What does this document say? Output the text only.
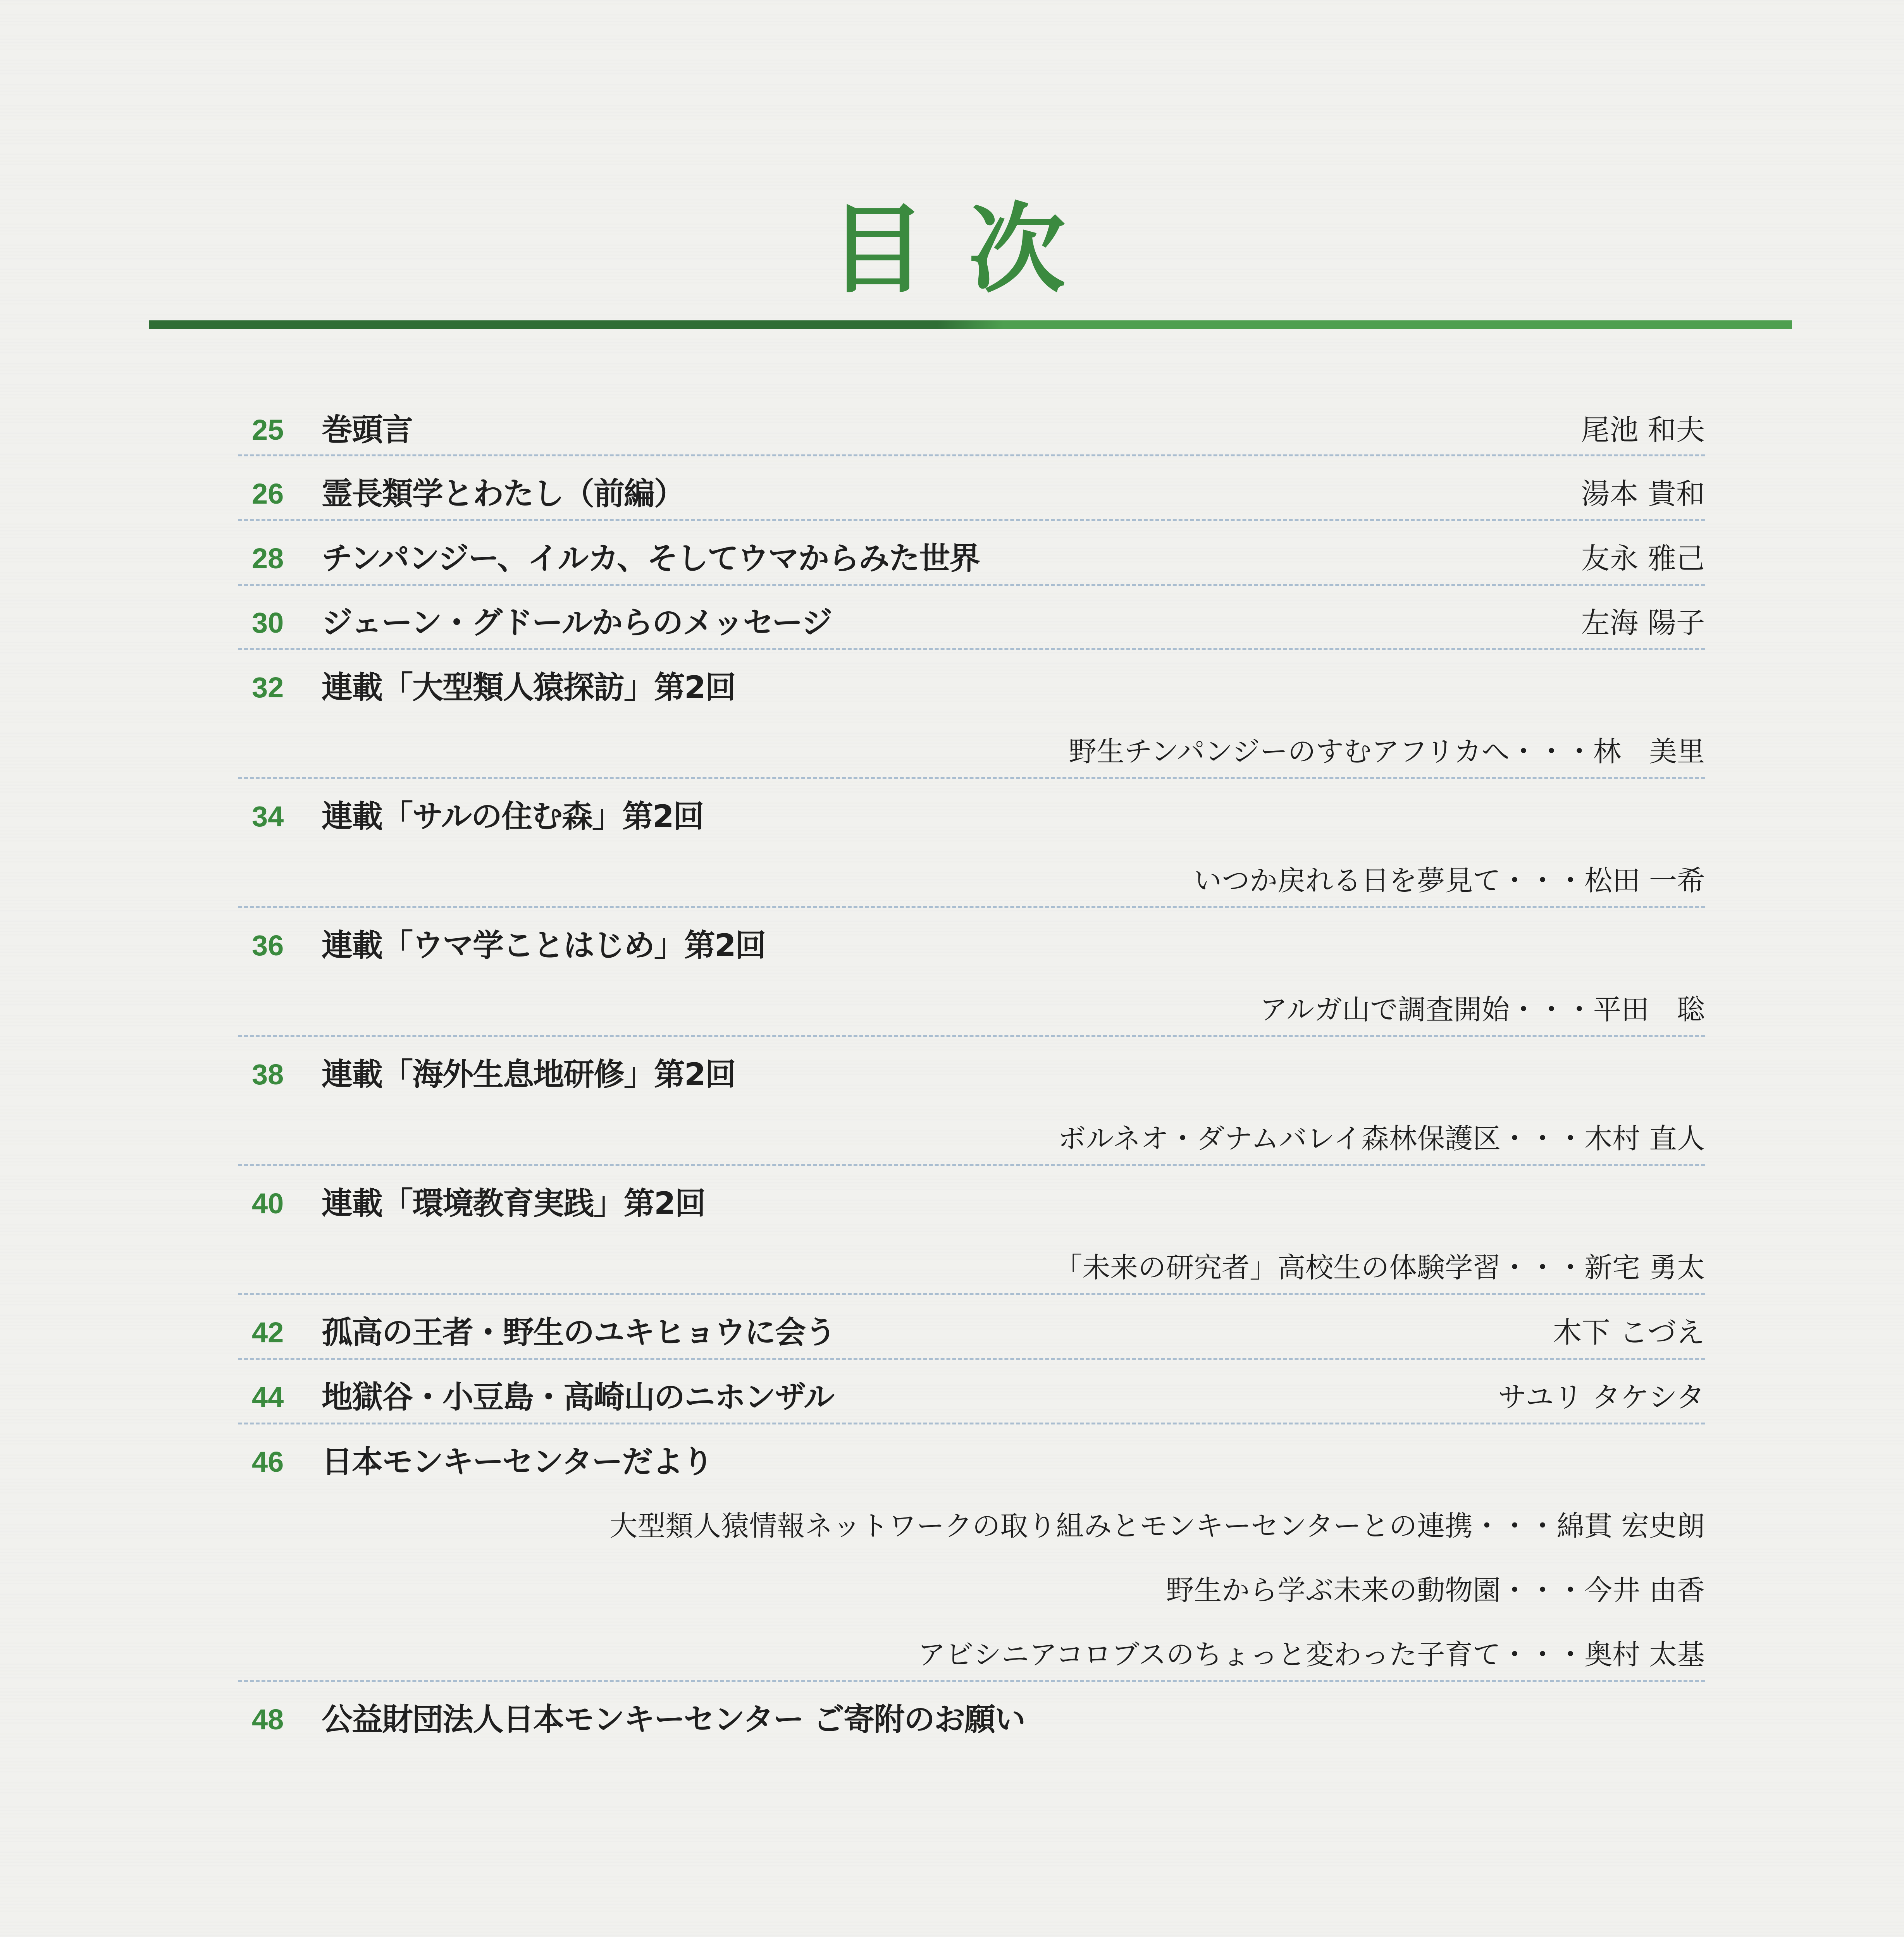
目次
25	巻頭言	尾池 和夫
26	霊長類学とわたし（前編）	湯本 貴和
28	チンパンジー、イルカ、そしてウマからみた世界	友永 雅己
30	ジェーン・グドールからのメッセージ	左海 陽子
32	連載「大型類人猿探訪」第2回
野生チンパンジーのすむアフリカへ・・・林　美里
34	連載「サルの住む森」第2回
いつか戻れる日を夢見て・・・松田 一希
36	連載「ウマ学ことはじめ」第2回
アルガ山で調査開始・・・平田　聡
38	連載「海外生息地研修」第2回
ボルネオ・ダナムバレイ森林保護区・・・木村 直人
40	連載「環境教育実践」第2回
「未来の研究者」高校生の体験学習・・・新宅 勇太
42	孤高の王者・野生のユキヒョウに会う	木下 こづえ
44	地獄谷・小豆島・高崎山のニホンザル	サユリ タケシタ
46	日本モンキーセンターだより
大型類人猿情報ネットワークの取り組みとモンキーセンターとの連携・・・綿貫 宏史朗
野生から学ぶ未来の動物園・・・今井 由香
アビシニアコロブスのちょっと変わった子育て・・・奥村 太基
48	公益財団法人日本モンキーセンター ご寄附のお願い
